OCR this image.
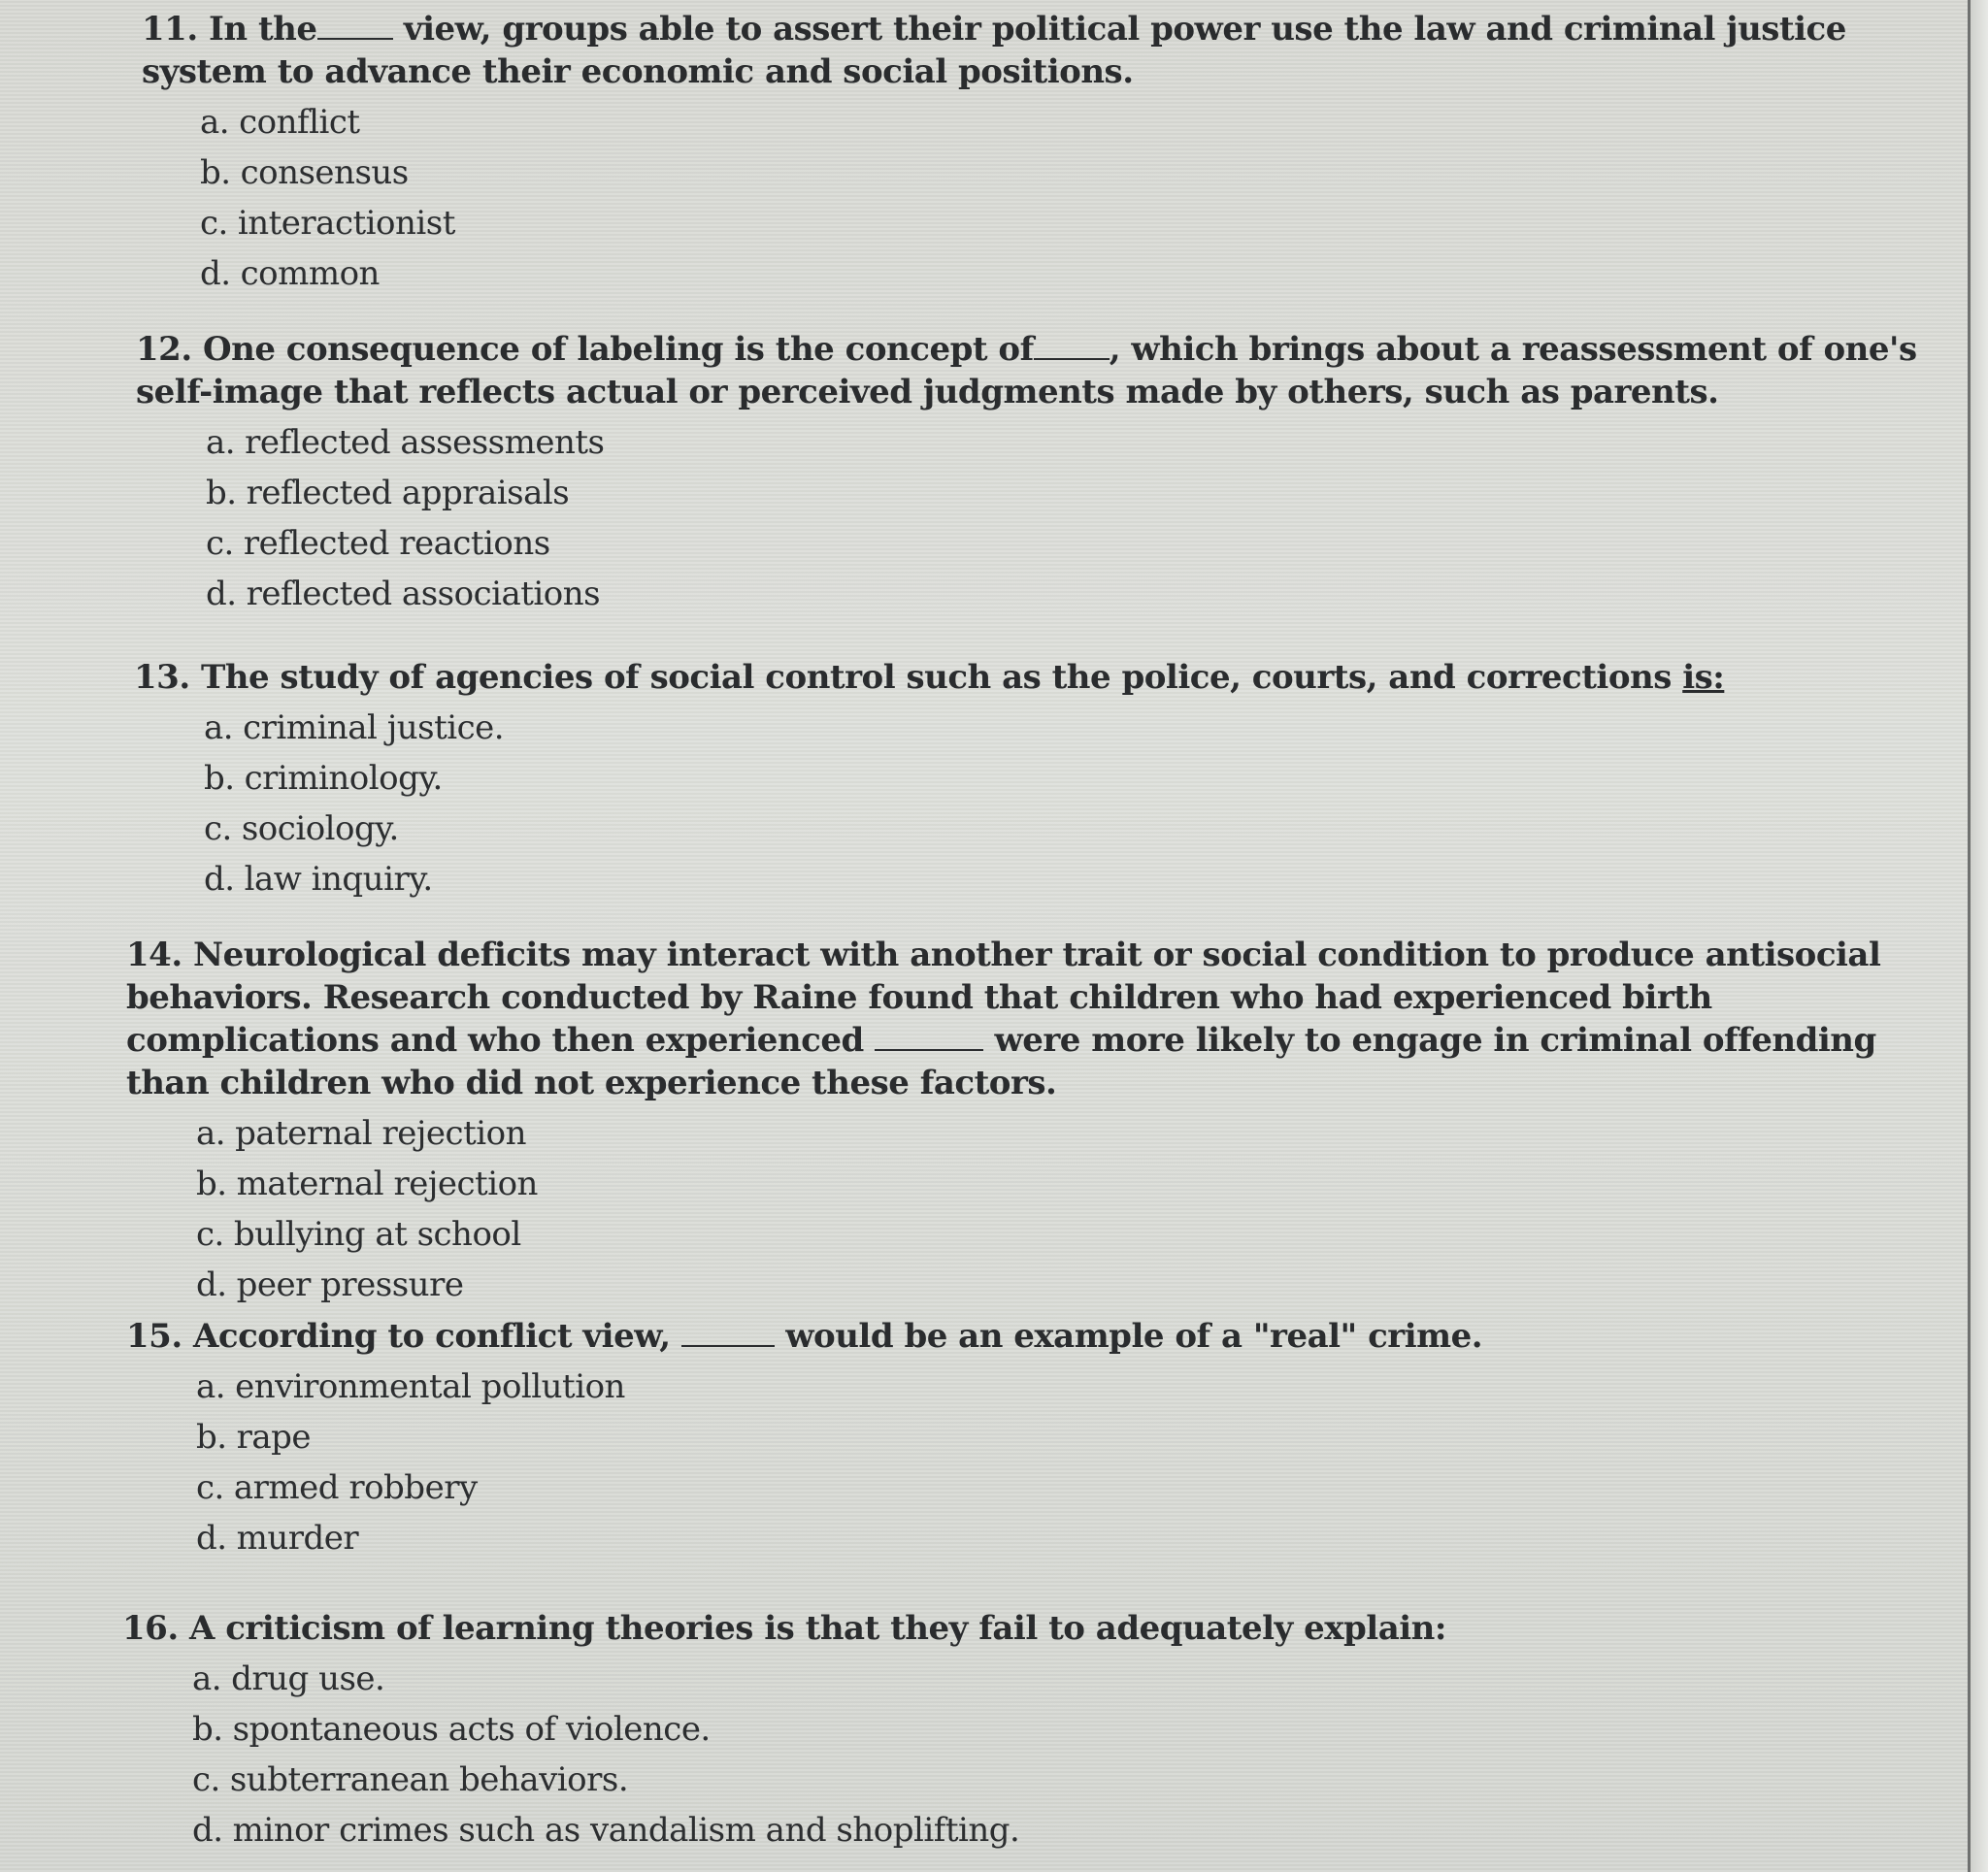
11. In the	view, groups able to assert their political power use the law and criminal justice system to advance their economic and social positions.

a. conflict
b. consensus
c. interactionist
d. common

12. One consequence of labeling is the concept of , which brings about a reassessment of one's self-image that reflects actual or perceived judgments made by others, such as parents.

a. reflected assessments
b. reflected appraisals
c. reflected reactions
d. reflected associations

13. The study of agencies of social control such as the police, courts, and corrections is:

a. criminal justice.
b. criminology.
c. sociology.
d. law inquiry.

14. Neurological deficits may interact with another trait or social condition to produce antisocial behaviors. Research conducted by Raine found that children who had experienced birth complications and who then experienced	were more likely to engage in criminal offending than children who did not experience these factors.

a. paternal rejection
b. maternal rejection
c. bullying at school
d. peer pressure

15. According to conflict view,	would be an example of a "real" crime.

a. environmental pollution
b. rape
c. armed robbery
d. murder

16. A criticism of learning theories is that they fail to adequately explain:

a. drug use.
b. spontaneous acts of violence.
c. subterranean behaviors.
d. minor crimes such as vandalism and shoplifting.
